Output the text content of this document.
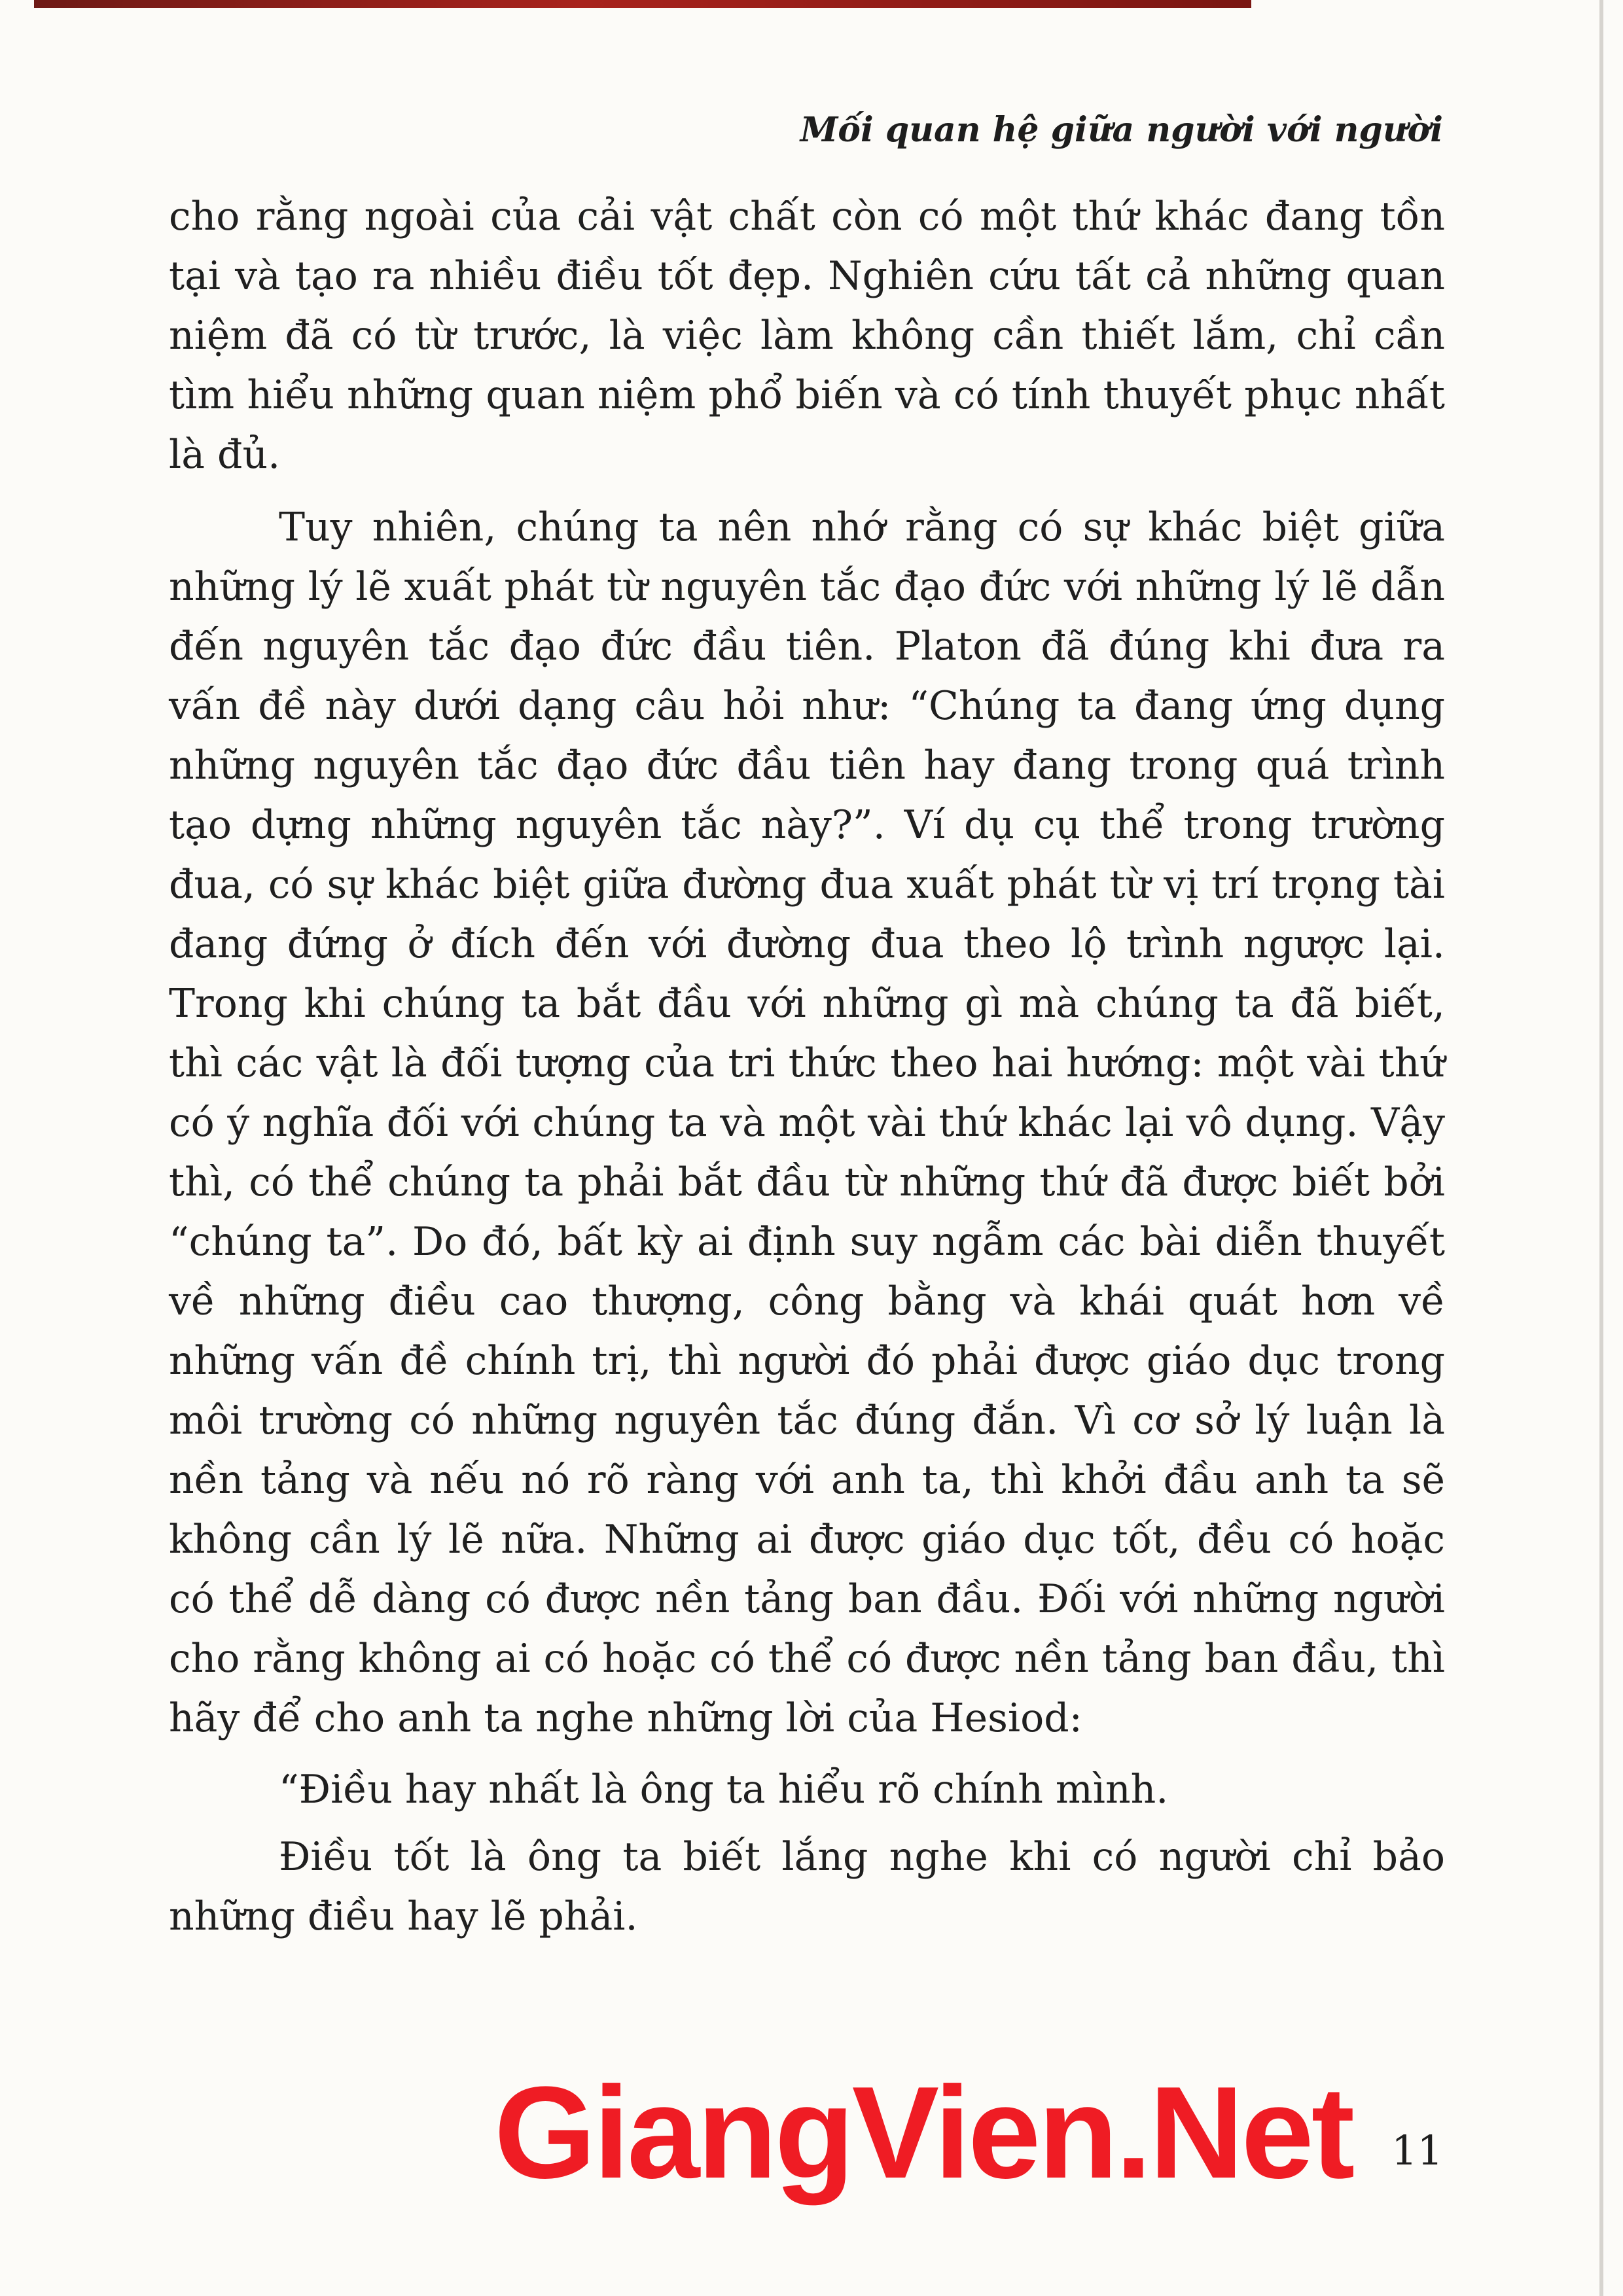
Mối quan hệ giữa người với người

cho rằng ngoài của cải vật chất còn có một thứ khác đang tồn tại và tạo ra nhiều điều tốt đẹp. Nghiên cứu tất cả những quan niệm đã có từ trước, là việc làm không cần thiết lắm, chỉ cần tìm hiểu những quan niệm phổ biến và có tính thuyết phục nhất là đủ.

Tuy nhiên, chúng ta nên nhớ rằng có sự khác biệt giữa những lý lẽ xuất phát từ nguyên tắc đạo đức với những lý lẽ dẫn đến nguyên tắc đạo đức đầu tiên. Platon đã đúng khi đưa ra vấn đề này dưới dạng câu hỏi như: “Chúng ta đang ứng dụng những nguyên tắc đạo đức đầu tiên hay đang trong quá trình tạo dựng những nguyên tắc này?”. Ví dụ cụ thể trong trường đua, có sự khác biệt giữa đường đua xuất phát từ vị trí trọng tài đang đứng ở đích đến với đường đua theo lộ trình ngược lại. Trong khi chúng ta bắt đầu với những gì mà chúng ta đã biết, thì các vật là đối tượng của tri thức theo hai hướng: một vài thứ có ý nghĩa đối với chúng ta và một vài thứ khác lại vô dụng. Vậy thì, có thể chúng ta phải bắt đầu từ những thứ đã được biết bởi “chúng ta”. Do đó, bất kỳ ai định suy ngẫm các bài diễn thuyết về những điều cao thượng, công bằng và khái quát hơn về những vấn đề chính trị, thì người đó phải được giáo dục trong môi trường có những nguyên tắc đúng đắn. Vì cơ sở lý luận là nền tảng và nếu nó rõ ràng với anh ta, thì khởi đầu anh ta sẽ không cần lý lẽ nữa. Những ai được giáo dục tốt, đều có hoặc có thể dễ dàng có được nền tảng ban đầu. Đối với những người cho rằng không ai có hoặc có thể có được nền tảng ban đầu, thì hãy để cho anh ta nghe những lời của Hesiod:

“Điều hay nhất là ông ta hiểu rõ chính mình.

Điều tốt là ông ta biết lắng nghe khi có người chỉ bảo những điều hay lẽ phải.

GiangVien.Net 11
